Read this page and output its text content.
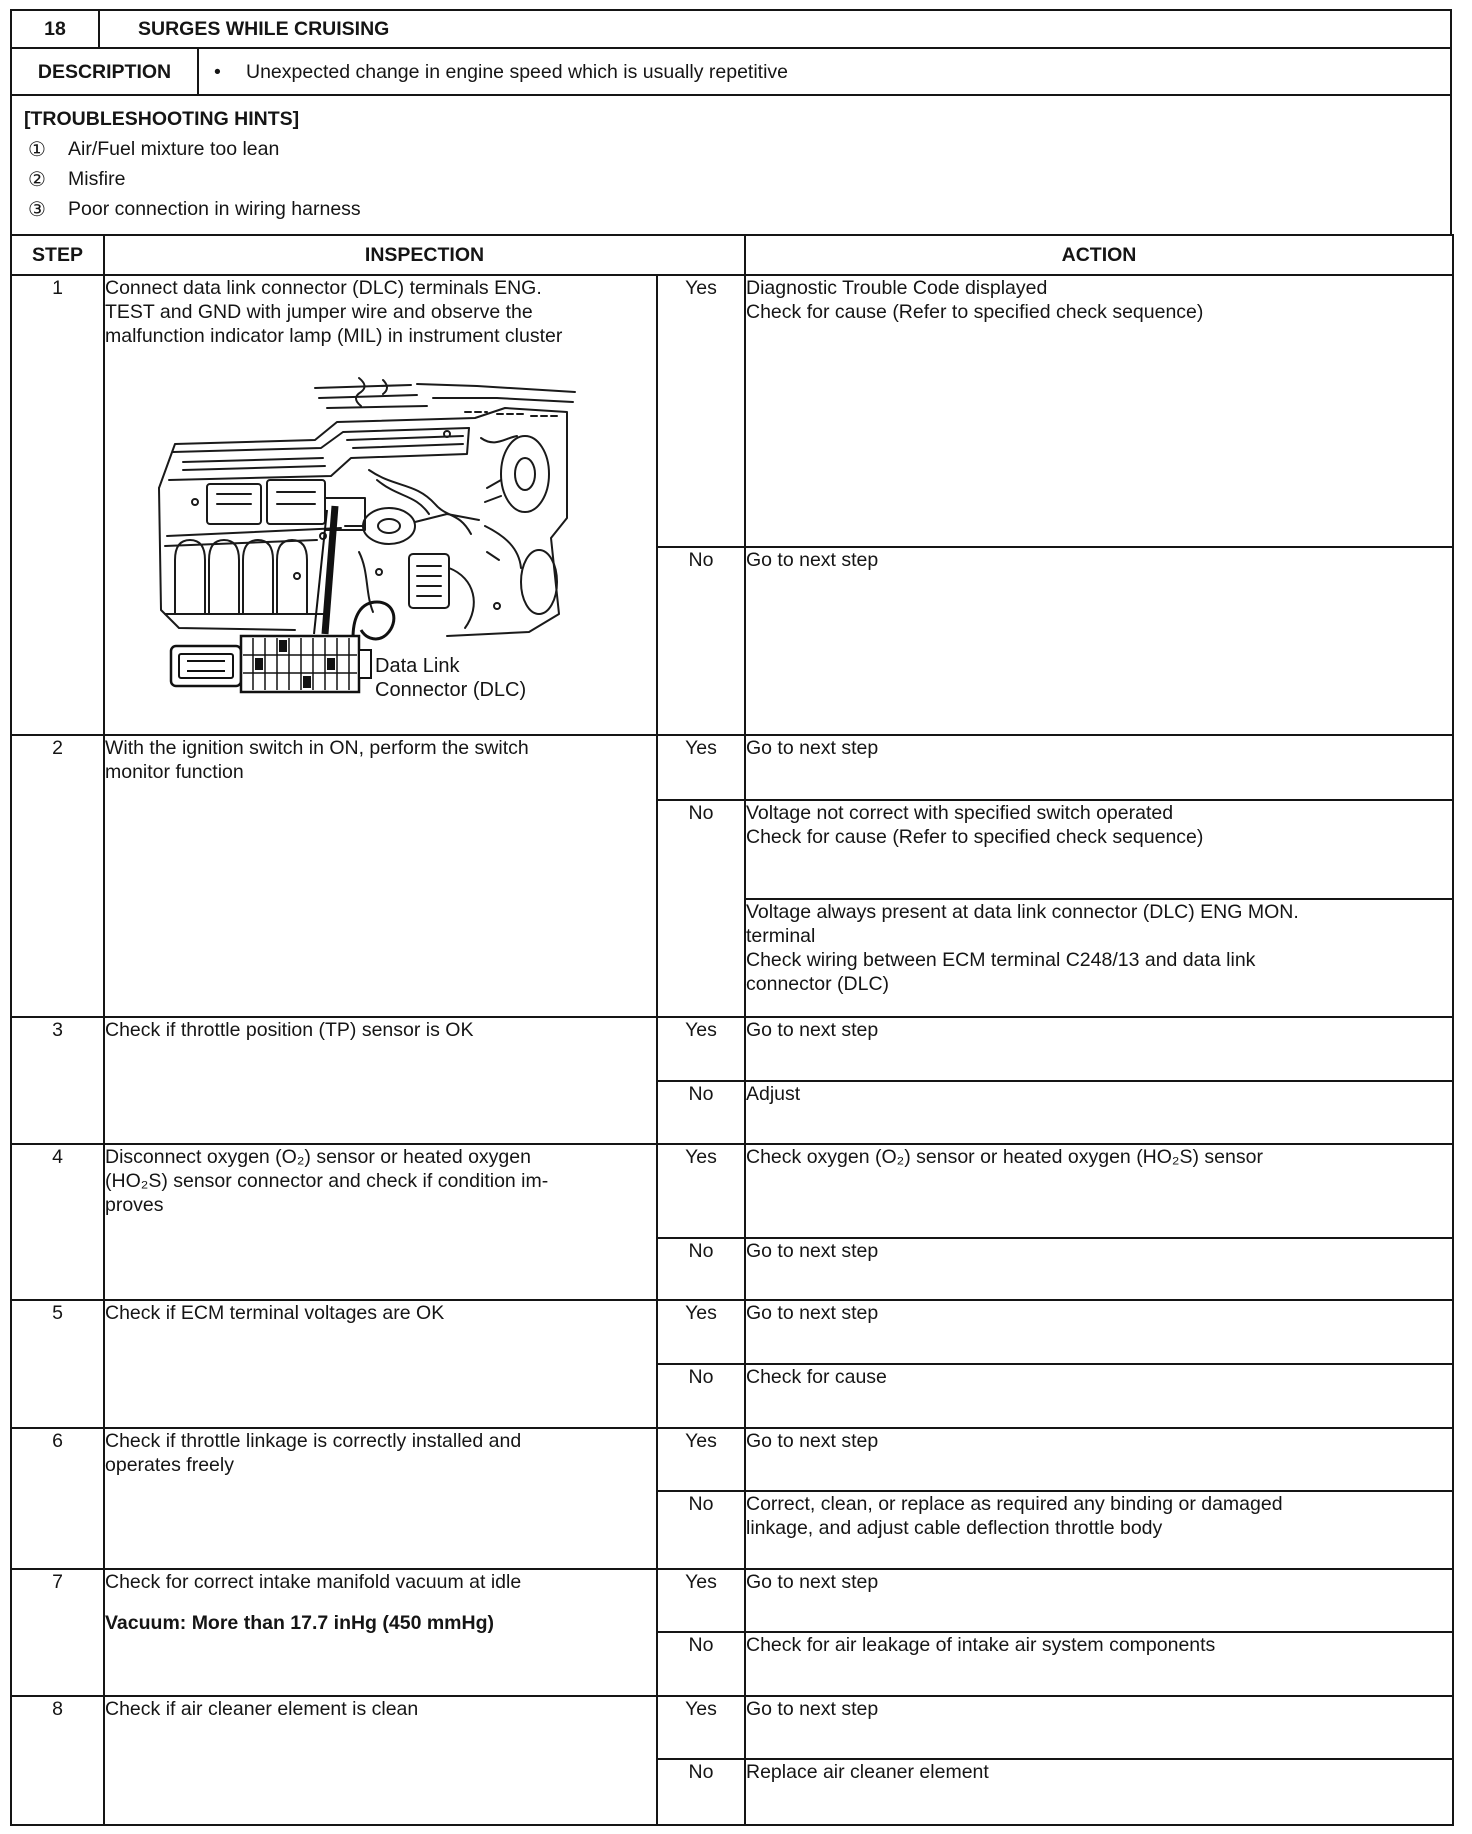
18	SURGES WHILE CRUISING
DESCRIPTION	•	Unexpected change in engine speed which is usually repetitive
[TROUBLESHOOTING HINTS]
①	Air/Fuel mixture too lean
②	Misfire
③	Poor connection in wiring harness
STEP	INSPECTION		ACTION
1	Connect data link connector (DLC) terminals ENG.
TEST and GND with jumper wire and observe the
malfunction indicator lamp (MIL) in instrument cluster
Data Link
Connector (DLC)	Yes	Diagnostic Trouble Code displayed
Check for cause (Refer to specified check sequence)
		No	Go to next step
2	With the ignition switch in ON, perform the switch
monitor function	Yes	Go to next step
		No	Voltage not correct with specified switch operated
Check for cause (Refer to specified check sequence)
			Voltage always present at data link connector (DLC) ENG MON.
terminal
Check wiring between ECM terminal C248/13 and data link
connector (DLC)
3	Check if throttle position (TP) sensor is OK	Yes	Go to next step
		No	Adjust
4	Disconnect oxygen (O₂) sensor or heated oxygen
(HO₂S) sensor connector and check if condition im-
proves	Yes	Check oxygen (O₂) sensor or heated oxygen (HO₂S) sensor
		No	Go to next step
5	Check if ECM terminal voltages are OK	Yes	Go to next step
		No	Check for cause
6	Check if throttle linkage is correctly installed and
operates freely	Yes	Go to next step
		No	Correct, clean, or replace as required any binding or damaged
linkage, and adjust cable deflection throttle body
7	Check for correct intake manifold vacuum at idle
Vacuum: More than 17.7 inHg (450 mmHg)	Yes	Go to next step
		No	Check for air leakage of intake air system components
8	Check if air cleaner element is clean	Yes	Go to next step
		No	Replace air cleaner element
